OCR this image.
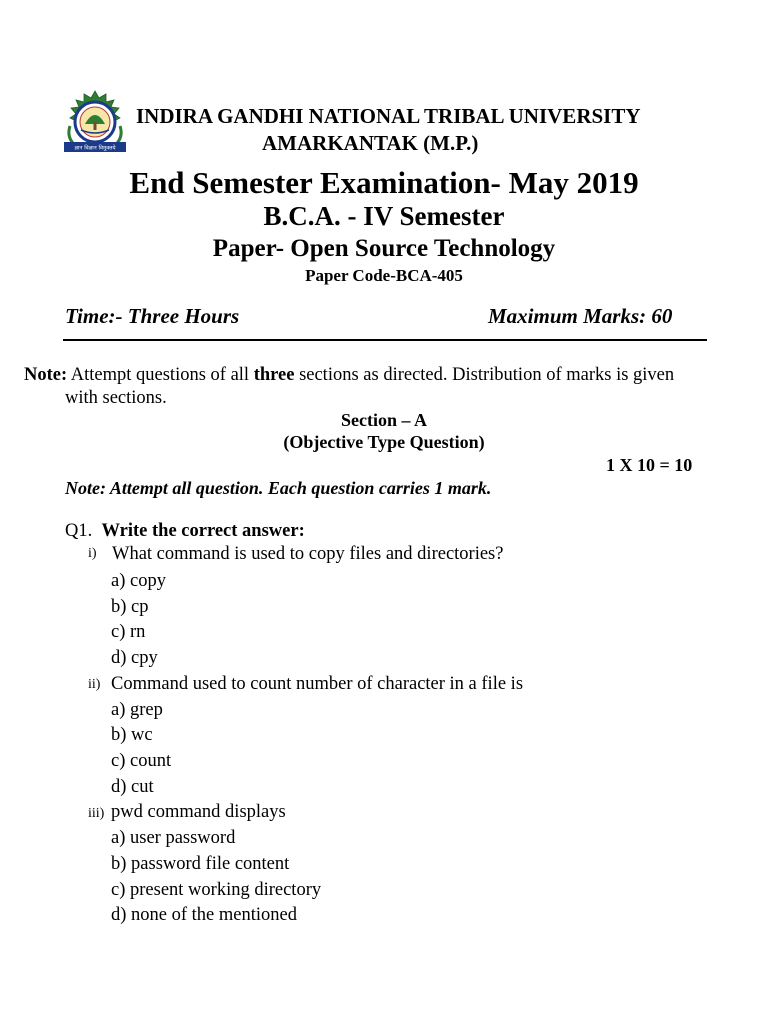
ज्ञान विज्ञान विमुक्तये
INDIRA GANDHI NATIONAL TRIBAL UNIVERSITY
AMARKANTAK (M.P.)
End Semester Examination- May 2019
B.C.A. - IV Semester
Paper- Open Source Technology
Paper Code-BCA-405
Time:- Three Hours	Maximum Marks: 60
Note: Attempt questions of all three sections as directed. Distribution of marks is given
with sections.
Section – A
(Objective Type Question)
1 X 10 = 10
Note: Attempt all question. Each question carries 1 mark.
Q1. Write the correct answer:
i) What command is used to copy files and directories?
a) copy
b) cp
c) rn
d) cpy
ii) Command used to count number of character in a file is
a) grep
b) wc
c) count
d) cut
iii) pwd command displays
a) user password
b) password file content
c) present working directory
d) none of the mentioned
